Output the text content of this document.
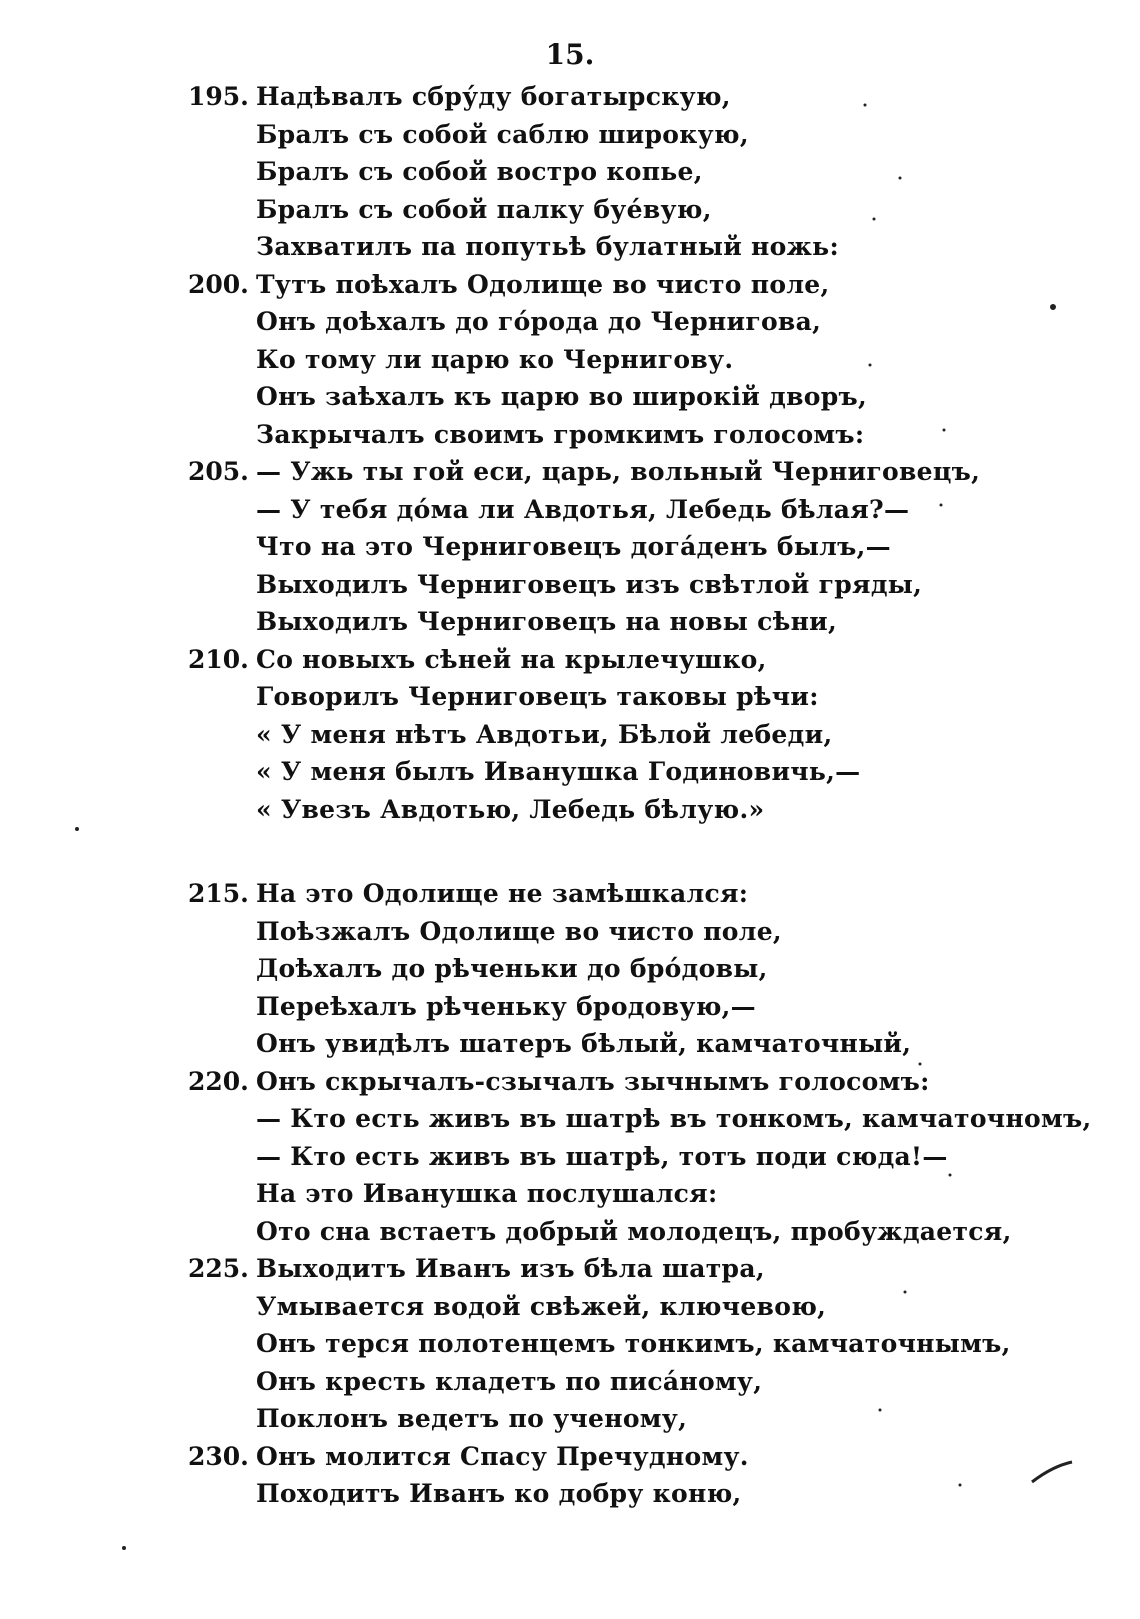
15.
195. Надѣвалъ сбру́ду богатырскую,
Бралъ съ собой саблю широкую,
Бралъ съ собой востро копье,
Бралъ съ собой палку буе́вую,
Захватилъ па попутьѣ булатный ножь:
200. Тутъ поѣхалъ Одолище во чисто поле,
Онъ доѣхалъ до го́рода до Чернигова,
Ко тому ли царю ко Чернигову.
Онъ заѣхалъ къ царю во широкій дворъ,
Закрычалъ своимъ громкимъ голосомъ:
205. — Ужь ты гой еси, царь, вольный Черниговецъ,
— У тебя до́ма ли Авдотья, Лебедь бѣлая?—
Что на это Черниговецъ дога́денъ былъ,—
Выходилъ Черниговецъ изъ свѣтлой гряды,
Выходилъ Черниговецъ на новы сѣни,
210. Со новыхъ сѣней на крылечушко,
Говорилъ Черниговецъ таковы рѣчи:
« У меня нѣтъ Авдотьи, Бѣлой лебеди,
« У меня былъ Иванушка Годиновичь,—
« Увезъ Авдотью, Лебедь бѣлую.»
215. На это Одолище не замѣшкался:
Поѣзжалъ Одолище во чисто поле,
Доѣхалъ до рѣченьки до бро́довы,
Переѣхалъ рѣченьку бродовую,—
Онъ увидѣлъ шатеръ бѣлый, камчаточный,
220. Онъ скрычалъ-сзычалъ зычнымъ голосомъ:
— Кто есть живъ въ шатрѣ въ тонкомъ, камчаточномъ,
— Кто есть живъ въ шатрѣ, тотъ поди сюда!—
На это Иванушка послушался:
Ото сна встаетъ добрый молодецъ, пробуждается,
225. Выходитъ Иванъ изъ бѣла шатра,
Умывается водой свѣжей, ключевою,
Онъ терся полотенцемъ тонкимъ, камчаточнымъ,
Онъ кресть кладетъ по писа́ному,
Поклонъ ведетъ по ученому,
230. Онъ молится Спасу Пречудному.
Походитъ Иванъ ко добру коню,
